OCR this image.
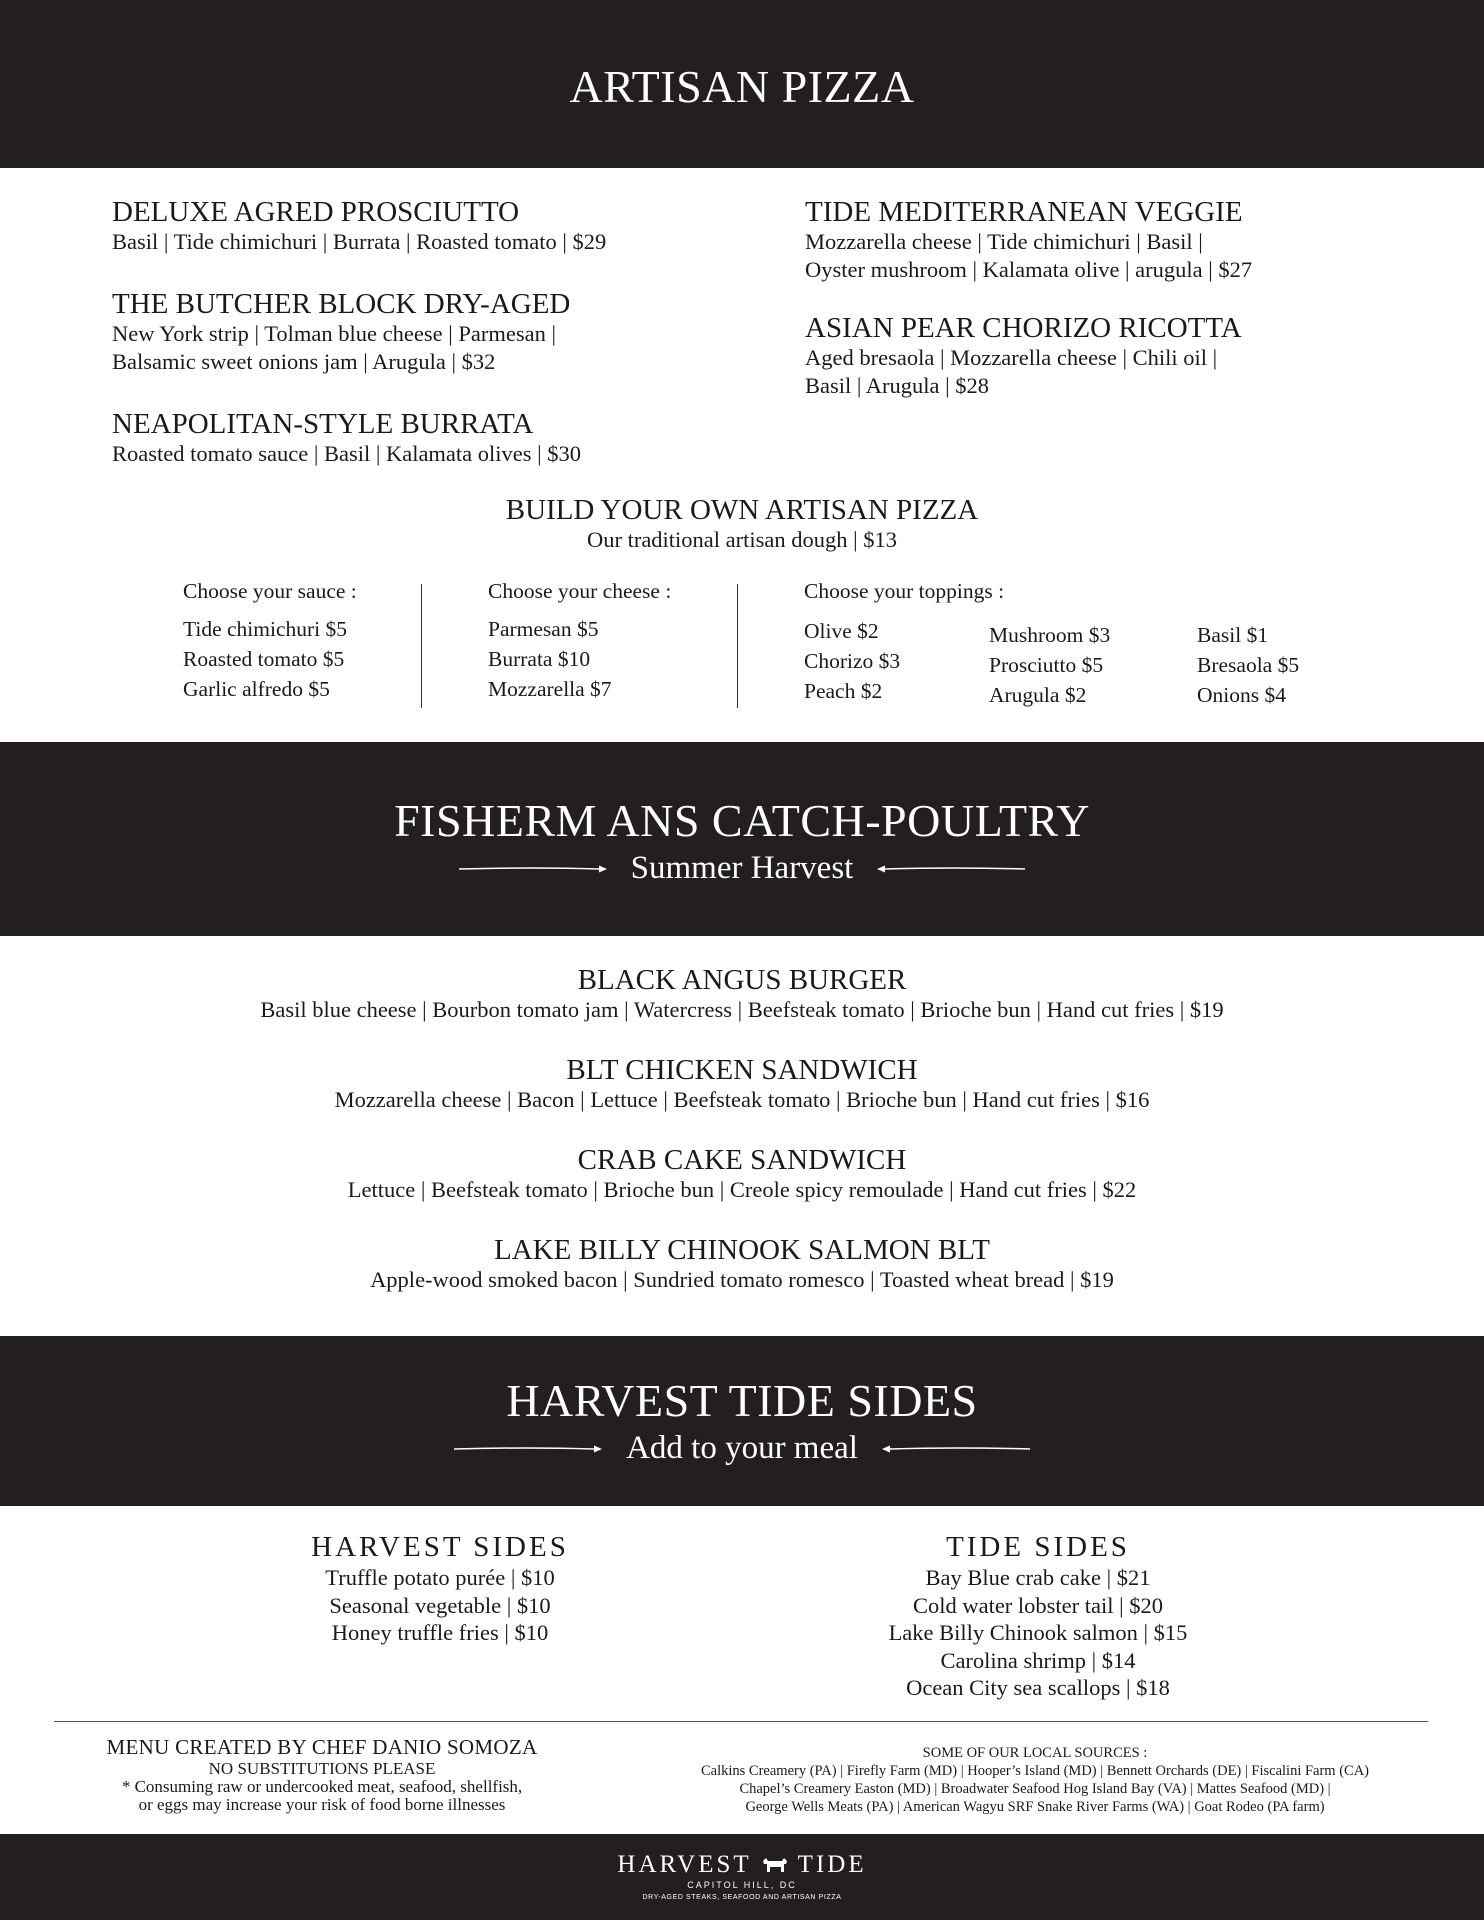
ARTISAN PIZZA
DELUXE AGRED PROSCIUTTO
Basil | Tide chimichuri | Burrata | Roasted tomato | $29
THE BUTCHER BLOCK DRY-AGED
New York strip | Tolman blue cheese | Parmesan |
Balsamic sweet onions jam | Arugula | $32
NEAPOLITAN-STYLE BURRATA
Roasted tomato sauce | Basil | Kalamata olives | $30
TIDE MEDITERRANEAN VEGGIE
Mozzarella cheese | Tide chimichuri | Basil |
Oyster mushroom | Kalamata olive | arugula | $27
ASIAN PEAR CHORIZO RICOTTA
Aged bresaola | Mozzarella cheese | Chili oil |
Basil | Arugula | $28
BUILD YOUR OWN ARTISAN PIZZA
Our traditional artisan dough | $13
Choose your sauce :
Tide chimichuri $5
Roasted tomato $5
Garlic alfredo $5
Choose your cheese :
Parmesan $5
Burrata $10
Mozzarella $7
Choose your toppings :
Olive $2
Chorizo $3
Peach $2
Mushroom $3
Prosciutto $5
Arugula $2
Basil $1
Bresaola $5
Onions $4
FISHERM ANS CATCH-POULTRY
Summer Harvest
BLACK ANGUS BURGER
Basil blue cheese | Bourbon tomato jam | Watercress | Beefsteak tomato | Brioche bun | Hand cut fries | $19
BLT CHICKEN SANDWICH
Mozzarella cheese | Bacon | Lettuce | Beefsteak tomato | Brioche bun | Hand cut fries | $16
CRAB CAKE SANDWICH
Lettuce | Beefsteak tomato | Brioche bun | Creole spicy remoulade | Hand cut fries | $22
LAKE BILLY CHINOOK SALMON BLT
Apple-wood smoked bacon | Sundried tomato romesco | Toasted wheat bread | $19
HARVEST TIDE SIDES
Add to your meal
HARVEST SIDES
Truffle potato purée | $10
Seasonal vegetable | $10
Honey truffle fries | $10
TIDE SIDES
Bay Blue crab cake | $21
Cold water lobster tail | $20
Lake Billy Chinook salmon | $15
Carolina shrimp | $14
Ocean City sea scallops | $18
MENU CREATED BY CHEF DANIO SOMOZA
NO SUBSTITUTIONS PLEASE
* Consuming raw or undercooked meat, seafood, shellfish,
or eggs may increase your risk of food borne illnesses
SOME OF OUR LOCAL SOURCES :
Calkins Creamery (PA) | Firefly Farm (MD) | Hooper’s Island (MD) | Bennett Orchards (DE) | Fiscalini Farm (CA)
Chapel’s Creamery Easton (MD) | Broadwater Seafood Hog Island Bay (VA) | Mattes Seafood (MD) |
George Wells Meats (PA) | American Wagyu SRF Snake River Farms (WA) | Goat Rodeo (PA farm)
HARVEST TIDE
CAPITOL HILL, DC
DRY-AGED STEAKS, SEAFOOD AND ARTISAN PIZZA
